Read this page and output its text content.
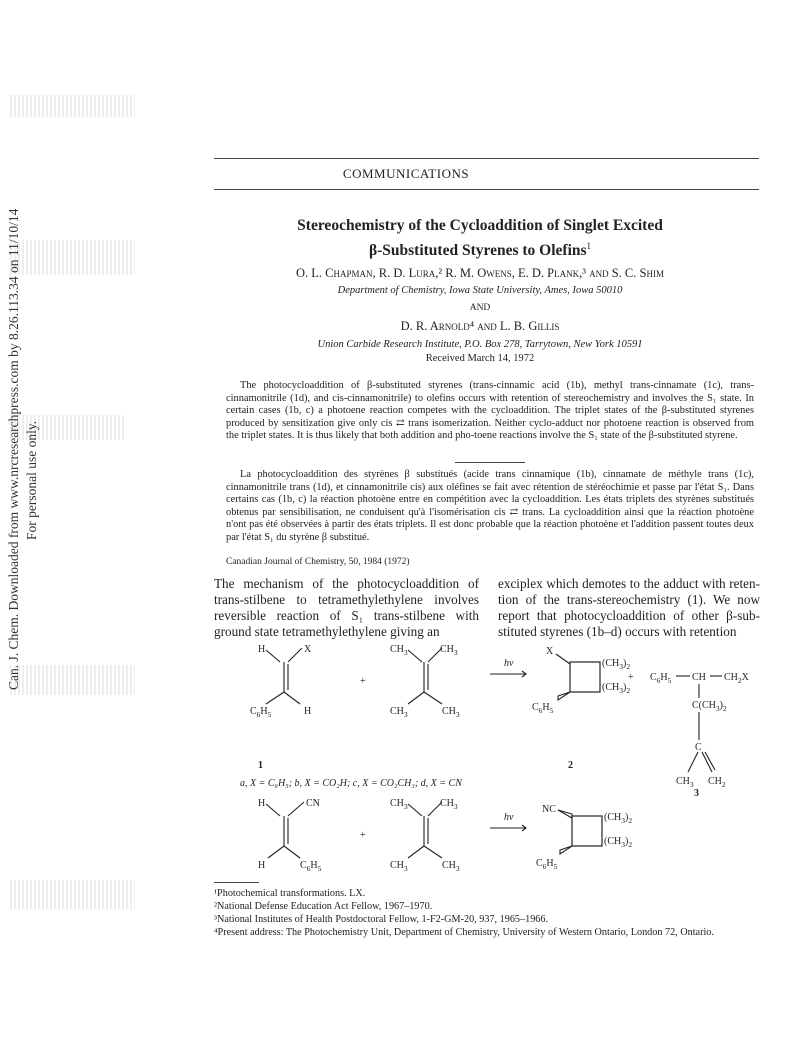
Can. J. Chem. Downloaded from www.nrcresearchpress.com by 8.26.113.34 on 11/10/14 For personal use only.
COMMUNICATIONS
Stereochemistry of the Cycloaddition of Singlet Excited
β-Substituted Styrenes to Olefins$^1$
O. L. Chapman, R. D. Lura,² R. M. Owens, E. D. Plank,³ and S. C. Shim
Department of Chemistry, Iowa State University, Ames, Iowa 50010
AND
D. R. Arnold⁴ and L. B. Gillis
Union Carbide Research Institute, P.O. Box 278, Tarrytown, New York 10591
Received March 14, 1972
The photocycloaddition of β-substituted styrenes (trans-cinnamic acid (1b), methyl trans-cinnamate (1c), trans-cinnamonitrile (1d), and cis-cinnamonitrile) to olefins occurs with retention of stereochemistry and involves the S₁ state. In certain cases (1b, c) a photoene reaction competes with the cycloaddition. The triplet states of the β-substituted styrenes produced by sensitization give only cis ⇄ trans isomerization. Neither cyclo-adduct nor photoene reaction is observed from the triplet states. It is thus likely that both addition and pho-toene reactions involve the S₁ state of the β-substituted styrene.
La photocycloaddition des styrènes β substitués (acide trans cinnamique (1b), cinnamate de méthyle trans (1c), cinnamonitrile trans (1d), et cinnamonitrile cis) aux oléfines se fait avec rétention de stéréochimie et passe par l'état S₁. Dans certains cas (1b, c) la réaction photoène entre en compétition avec la cycloaddition. Les états triplets des styrènes substitués obtenus par sensibilisation, ne conduisent qu'à l'isomérisation cis ⇄ trans. La cycloaddition ainsi que la réaction photoène n'ont pas été observées à partir des états triplets. Il est donc probable que la réaction photoène et l'addition passent toutes deux par l'état S₁ du styrène β substitué.
Canadian Journal of Chemistry, 50, 1984 (1972)
The mechanism of the photocycloaddition of trans-stilbene to tetramethylethylene involves reversible reaction of S₁ trans-stilbene with ground state tetramethylethylene giving an
exciplex which demotes to the adduct with reten-tion of the trans-stereochemistry (1). We now report that photocycloaddition of other β-sub-stituted styrenes (1b–d) occurs with retention
H	X
$C_6H_5$	H
+
$CH_3$	$CH_3$
$CH_3$	$CH_3$
hv
X
$(CH_3)_2$
$(CH_3)_2$
$C_6H_5$
+ $C_6H_5$ CH $CH_2X$
$C(CH_3)_2$
C
$CH_3$ $CH_2$
1	2
3
a, X = C₆H₅; b, X = CO₂H; c, X = CO₂CH₃; d, X = CN
H	CN
H	$C_6H_5$
+
$CH_3$	$CH_3$
$CH_3$	$CH_3$
hv
NC
$(CH_3)_2$
$(CH_3)_2$
$C_6H_5$
¹Photochemical transformations. LX.
²National Defense Education Act Fellow, 1967–1970.
³National Institutes of Health Postdoctoral Fellow, 1-F2-GM-20, 937, 1965–1966.
⁴Present address: The Photochemistry Unit, Department of Chemistry, University of Western Ontario, London 72, Ontario.
